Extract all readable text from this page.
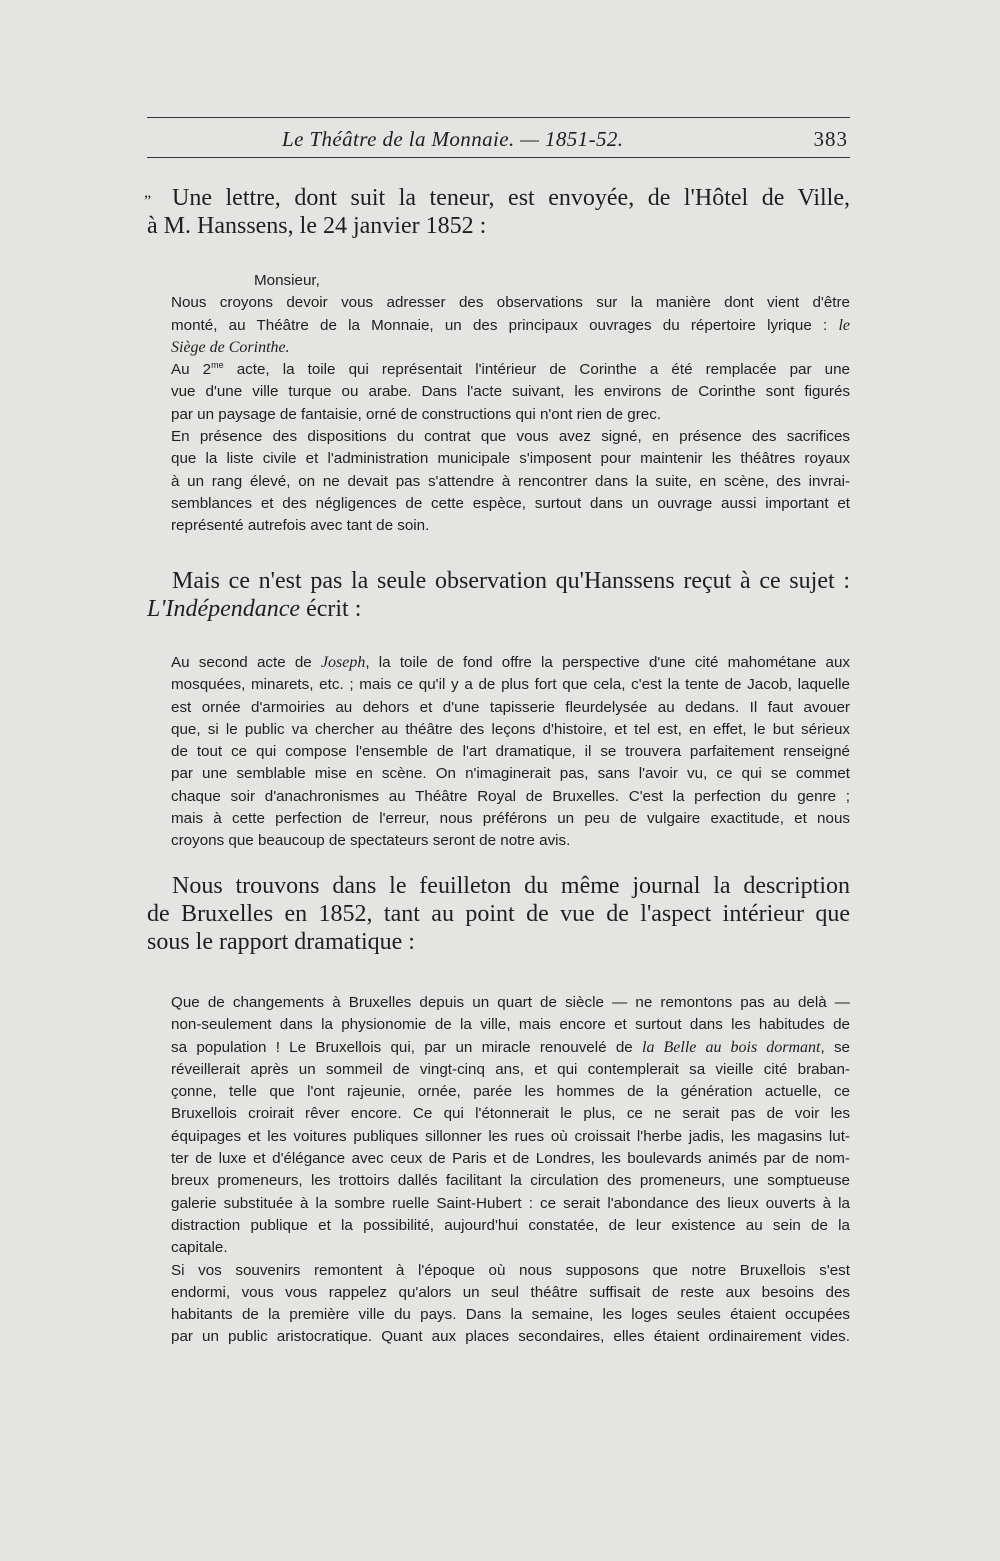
Le Théâtre de la Monnaie. — 1851-52.	383
„ Une lettre, dont suit la teneur, est envoyée, de l'Hôtel de Ville,
à M. Hanssens, le 24 janvier 1852 :

Monsieur,

Nous croyons devoir vous adresser des observations sur la manière dont vient d'être
monté, au Théâtre de la Monnaie, un des principaux ouvrages du répertoire lyrique : le
Siège de Corinthe.

Au $2^{me}$ acte, la toile qui représentait l'intérieur de Corinthe a été remplacée par une
vue d'une ville turque ou arabe. Dans l'acte suivant, les environs de Corinthe sont figurés
par un paysage de fantaisie, orné de constructions qui n'ont rien de grec.

En présence des dispositions du contrat que vous avez signé, en présence des sacrifices
que la liste civile et l'administration municipale s'imposent pour maintenir les théâtres royaux
à un rang élevé, on ne devait pas s'attendre à rencontrer dans la suite, en scène, des invrai-
semblances et des négligences de cette espèce, surtout dans un ouvrage aussi important et
représenté autrefois avec tant de soin.

Mais ce n'est pas la seule observation qu'Hanssens reçut à ce sujet :
L'Indépendance écrit :

Au second acte de Joseph, la toile de fond offre la perspective d'une cité mahométane aux
mosquées, minarets, etc. ; mais ce qu'il y a de plus fort que cela, c'est la tente de Jacob, laquelle
est ornée d'armoiries au dehors et d'une tapisserie fleurdelysée au dedans. Il faut avouer
que, si le public va chercher au théâtre des leçons d'histoire, et tel est, en effet, le but sérieux
de tout ce qui compose l'ensemble de l'art dramatique, il se trouvera parfaitement renseigné
par une semblable mise en scène. On n'imaginerait pas, sans l'avoir vu, ce qui se commet
chaque soir d'anachronismes au Théâtre Royal de Bruxelles. C'est la perfection du genre ;
mais à cette perfection de l'erreur, nous préférons un peu de vulgaire exactitude, et nous
croyons que beaucoup de spectateurs seront de notre avis.

Nous trouvons dans le feuilleton du même journal la description
de Bruxelles en 1852, tant au point de vue de l'aspect intérieur que
sous le rapport dramatique :

Que de changements à Bruxelles depuis un quart de siècle — ne remontons pas au delà —
non-seulement dans la physionomie de la ville, mais encore et surtout dans les habitudes de
sa population ! Le Bruxellois qui, par un miracle renouvelé de la Belle au bois dormant, se
réveillerait après un sommeil de vingt-cinq ans, et qui contemplerait sa vieille cité braban-
çonne, telle que l'ont rajeunie, ornée, parée les hommes de la génération actuelle, ce
Bruxellois croirait rêver encore. Ce qui l'étonnerait le plus, ce ne serait pas de voir les
équipages et les voitures publiques sillonner les rues où croissait l'herbe jadis, les magasins lut-
ter de luxe et d'élégance avec ceux de Paris et de Londres, les boulevards animés par de nom-
breux promeneurs, les trottoirs dallés facilitant la circulation des promeneurs, une somptueuse
galerie substituée à la sombre ruelle Saint-Hubert : ce serait l'abondance des lieux ouverts à la
distraction publique et la possibilité, aujourd'hui constatée, de leur existence au sein de la
capitale.

Si vos souvenirs remontent à l'époque où nous supposons que notre Bruxellois s'est
endormi, vous vous rappelez qu'alors un seul théâtre suffisait de reste aux besoins des
habitants de la première ville du pays. Dans la semaine, les loges seules étaient occupées
par un public aristocratique. Quant aux places secondaires, elles étaient ordinairement vides.
